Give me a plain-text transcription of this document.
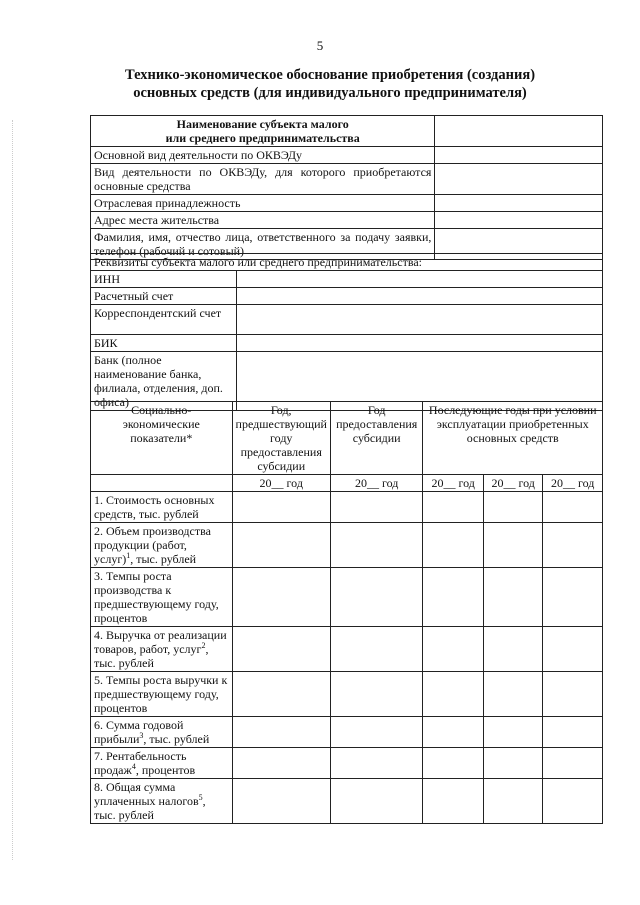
5
Технико-экономическое обоснование приобретения (создания)
основных средств (для индивидуального предпринимателя)
Наименование субъекта малого
или среднего предпринимательства	

Основной вид деятельности по ОКВЭДу	
Вид деятельности по ОКВЭДу, для которого приобретаются основные средства	
Отраслевая принадлежность	
Адрес места жительства	
Фамилия, имя, отчество лица, ответственного за подачу заявки, телефон (рабочий и сотовый)	
Реквизиты субъекта малого или среднего предпринимательства:	
ИНН	
Расчетный счет	
Корреспондентский счет	
БИК	
Банк (полное наименование банка, филиала, отделения, доп. офиса)	
Социально-экономические показатели*	Год, предшествующий году предоставления субсидии	Год предоставления субсидии	Последующие годы при условии эксплуатации приобретенных основных средств		
	20__ год	20__ год	20__ год	20__ год	20__ год
1. Стоимость основных средств, тыс. рублей					
2. Объем производства продукции (работ, услуг)$^1$, тыс. рублей					
3. Темпы роста производства к предшествующему году, процентов					
4. Выручка от реализации товаров, работ, услуг$^2$, тыс. рублей					
5. Темпы роста выручки к предшествующему году, процентов					
6. Сумма годовой прибыли$^3$, тыс. рублей					
7. Рентабельность продаж$^4$, процентов					
8. Общая сумма уплаченных налогов$^5$, тыс. рублей					
